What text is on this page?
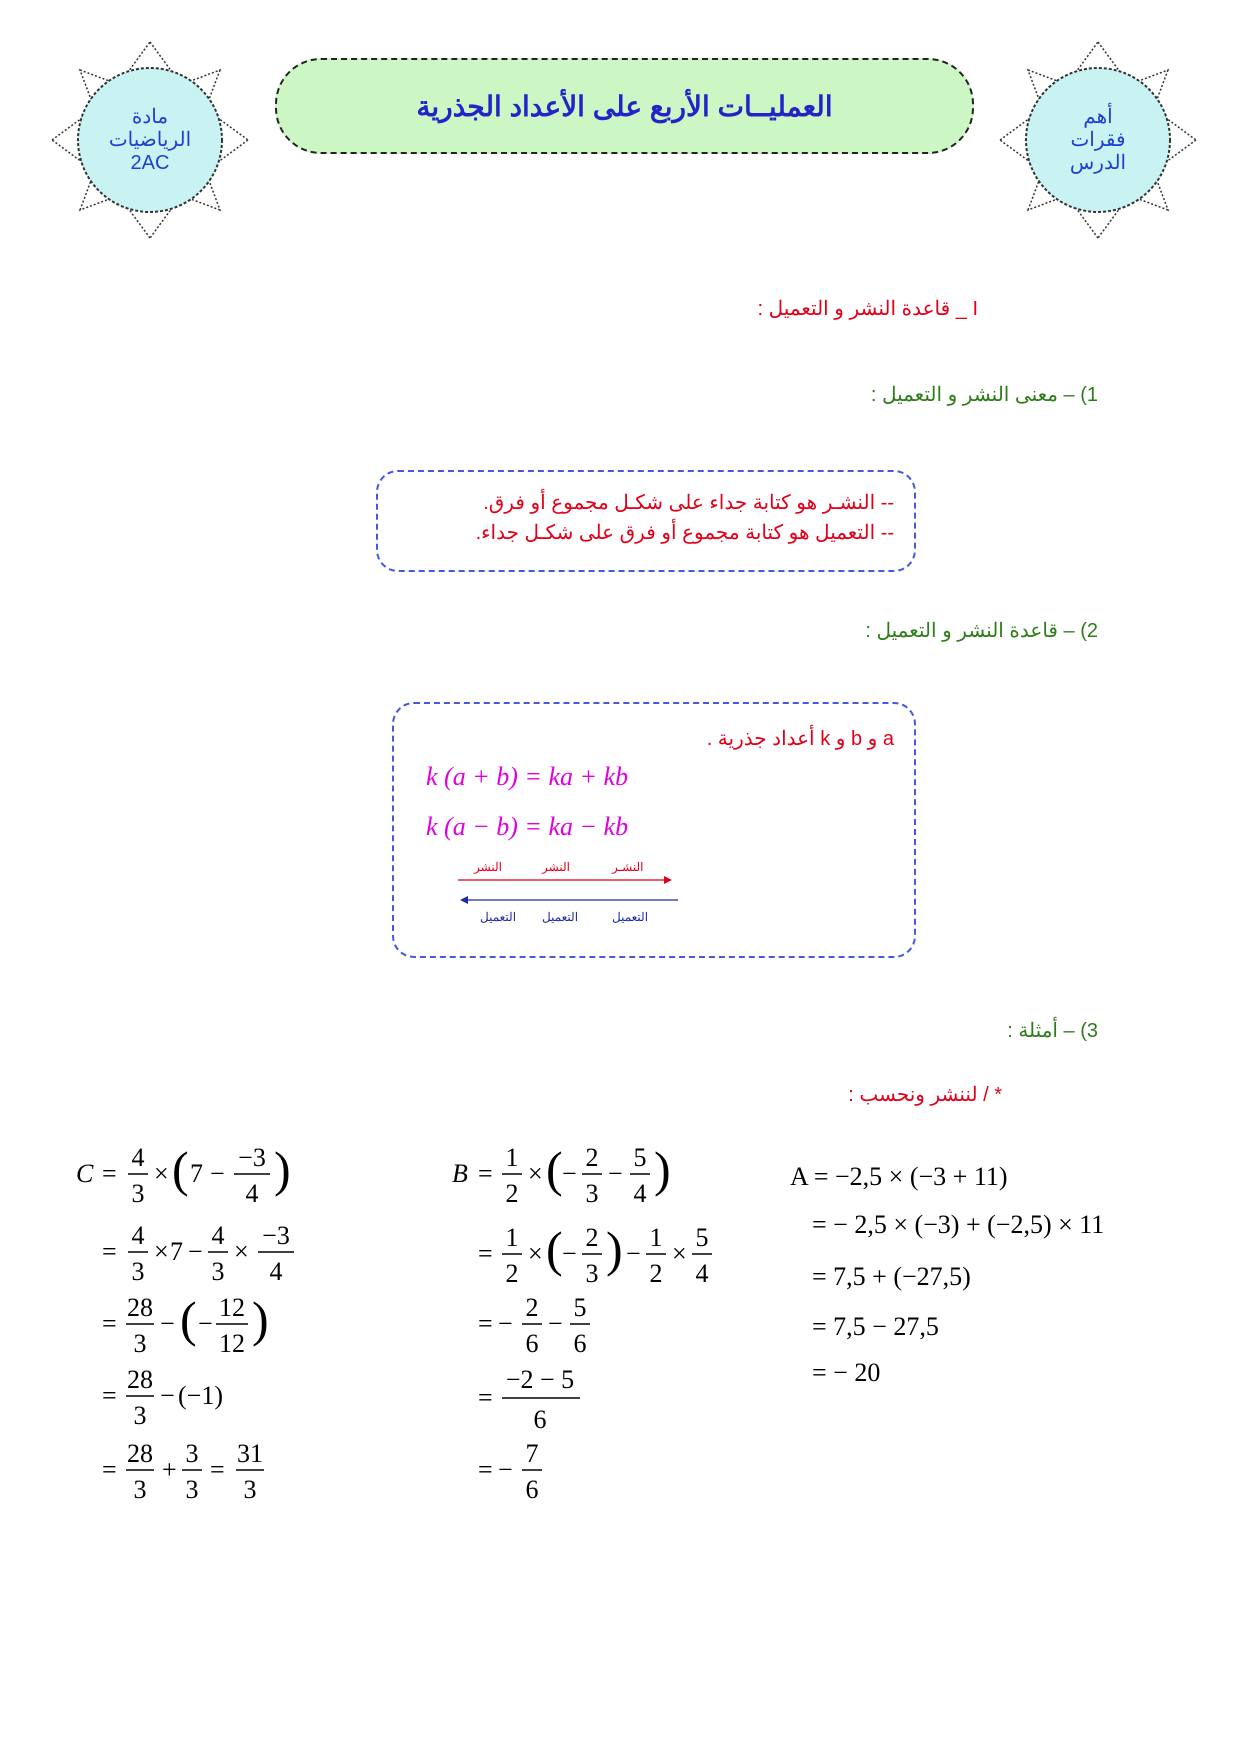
مادة
الرياضيات
2AC
أهم
فقرات
الدرس
العمليــات الأربع على الأعداد الجذرية
I _ قاعدة النشر و التعميل :
1) – معنى النشر و التعميل :
-- النشـر هو كتابة جداء على شكـل مجموع أو فرق.
-- التعميل هو كتابة مجموع أو فرق على شكـل جداء.
2) – قاعدة النشر و التعميل :
a و b و k أعداد جذرية .
k (a + b) = ka + kb
k (a − b) = ka − kb
النشـر
النشر
النشر
التعميل
التعميل
التعميل
3) – أمثلة :
* / لننشر ونحسب :
A = −2,5 × (−3 + 11)
= − 2,5 × (−3) + (−2,5) × 11
= 7,5 + (−27,5)
= 7,5 − 27,5
= − 20
B =
1
2
× ( −
2
3
−
5
4 )
=
1
2
× ( −
2
3 ) −
1
2
×
5
4
= −
2
6
−
5
6
=
−2 − 5
6
= −
7
6
C =
4
3
× ( 7 −
−3
4 )
=
4
3
× 7 −
4
3
×
−3
4
=
28
3
− ( −
12
12 )
=
28
3
− (−1)
=
28
3
+
3
3
=
31
3
